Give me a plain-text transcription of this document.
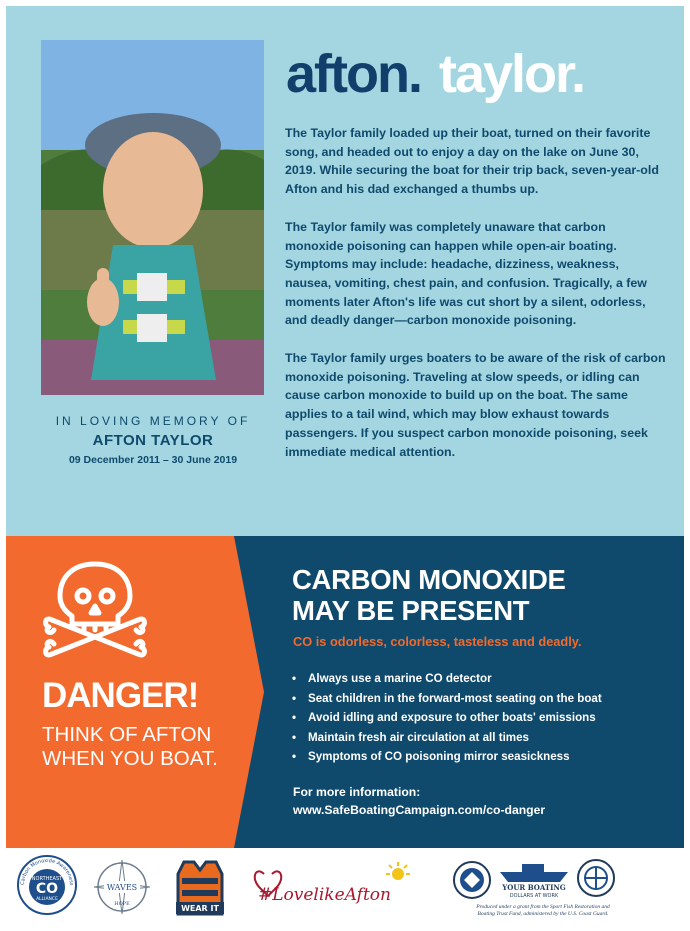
IN LOVING MEMORY OF
AFTON TAYLOR
09 December 2011 – 30 June 2019
afton. taylor.

The Taylor family loaded up their boat, turned on their favorite song, and headed out to enjoy a day on the lake on June 30, 2019. While securing the boat for their trip back, seven-year-old Afton and his dad exchanged a thumbs up.

The Taylor family was completely unaware that carbon monoxide poisoning can happen while open-air boating. Symptoms may include: headache, dizziness, weakness, nausea, vomiting, chest pain, and confusion. Tragically, a few moments later Afton's life was cut short by a silent, odorless, and deadly danger—carbon monoxide poisoning.

The Taylor family urges boaters to be aware of the risk of carbon monoxide poisoning. Traveling at slow speeds, or idling can cause carbon monoxide to build up on the boat. The same applies to a tail wind, which may blow exhaust towards passengers. If you suspect carbon monoxide poisoning, seek immediate medical attention.

DANGER!
THINK OF AFTON
WHEN YOU BOAT.
CARBON MONOXIDE
MAY BE PRESENT
CO is odorless, colorless, tasteless and deadly.
• Always use a marine CO detector
• Seat children in the forward-most seating on the boat
• Avoid idling and exposure to other boats' emissions
• Maintain fresh air circulation at all times
• Symptoms of CO poisoning mirror seasickness
For more information:
www.SafeBoatingCampaign.com/co-danger
Carbon Monoxide Awareness
NORTHEAST
CO
ALLIANCE
WAVES
HOPE	WEAR IT
#LovelikeAfton	YOUR BOATING
DOLLARS AT WORK
Produced under a grant from the Sport Fish Restoration and
Boating Trust Fund, administered by the U.S. Coast Guard.
